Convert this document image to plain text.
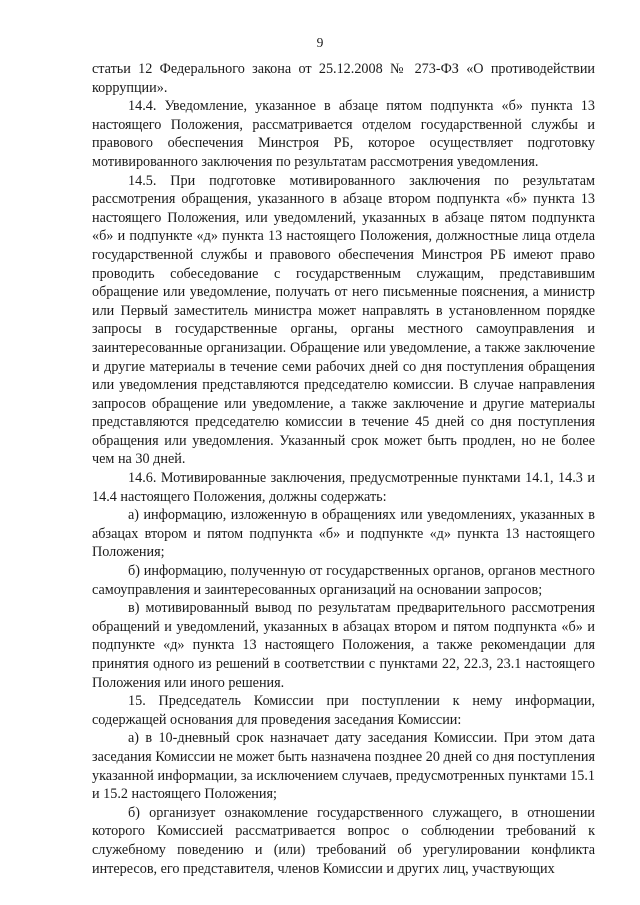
9

статьи 12 Федерального закона от 25.12.2008 № 273-ФЗ «О противодействии коррупции».

14.4. Уведомление, указанное в абзаце пятом подпункта «б» пункта 13 настоящего Положения, рассматривается отделом государственной службы и правового обеспечения Минстроя РБ, которое осуществляет подготовку мотивированного заключения по результатам рассмотрения уведомления.

14.5. При подготовке мотивированного заключения по результатам рассмотрения обращения, указанного в абзаце втором подпункта «б» пункта 13 настоящего Положения, или уведомлений, указанных в абзаце пятом подпункта «б» и подпункте «д» пункта 13 настоящего Положения, должностные лица отдела государственной службы и правового обеспечения Минстроя РБ имеют право проводить собеседование с государственным служащим, представившим обращение или уведомление, получать от него письменные пояснения, а министр или Первый заместитель министра может направлять в установленном порядке запросы в государственные органы, органы местного самоуправления и заинтересованные организации. Обращение или уведомление, а также заключение и другие материалы в течение семи рабочих дней со дня поступления обращения или уведомления представляются председателю комиссии. В случае направления запросов обращение или уведомление, а также заключение и другие материалы представляются председателю комиссии в течение 45 дней со дня поступления обращения или уведомления. Указанный срок может быть продлен, но не более чем на 30 дней.

14.6. Мотивированные заключения, предусмотренные пунктами 14.1, 14.3 и 14.4 настоящего Положения, должны содержать:

а) информацию, изложенную в обращениях или уведомлениях, указанных в абзацах втором и пятом подпункта «б» и подпункте «д» пункта 13 настоящего Положения;

б) информацию, полученную от государственных органов, органов местного самоуправления и заинтересованных организаций на основании запросов;

в) мотивированный вывод по результатам предварительного рассмотрения обращений и уведомлений, указанных в абзацах втором и пятом подпункта «б» и подпункте «д» пункта 13 настоящего Положения, а также рекомендации для принятия одного из решений в соответствии с пунктами 22, 22.3, 23.1 настоящего Положения или иного решения.

15. Председатель Комиссии при поступлении к нему информации, содержащей основания для проведения заседания Комиссии:

а) в 10-дневный срок назначает дату заседания Комиссии. При этом дата заседания Комиссии не может быть назначена позднее 20 дней со дня поступления указанной информации, за исключением случаев, предусмотренных пунктами 15.1 и 15.2 настоящего Положения;

б) организует ознакомление государственного служащего, в отношении которого Комиссией рассматривается вопрос о соблюдении требований к служебному поведению и (или) требований об урегулировании конфликта интересов, его представителя, членов Комиссии и других лиц, участвующих
